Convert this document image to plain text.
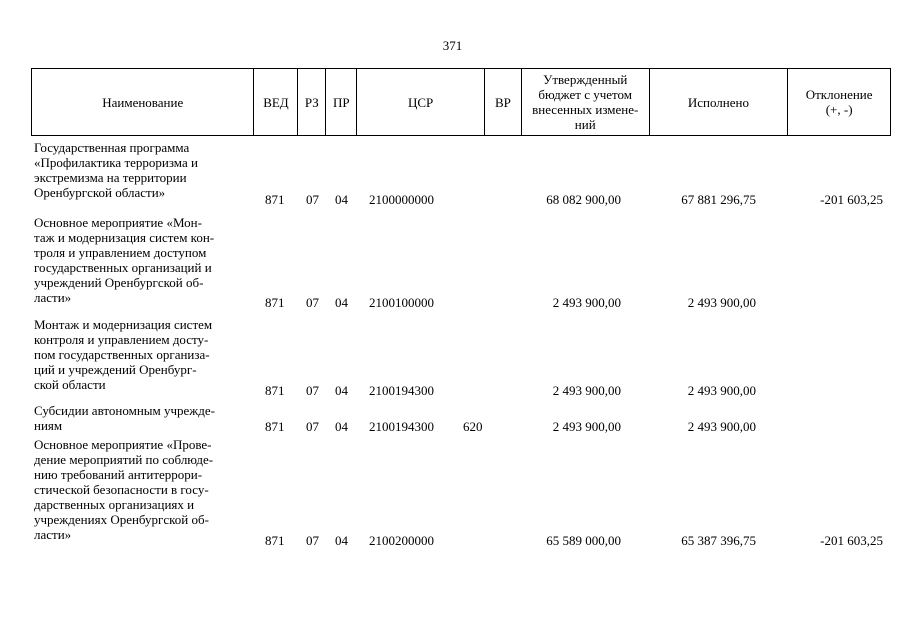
371
Наименование	ВЕД РЗ ПР	ЦСР	ВР
Утвержденный
бюджет с учетом
внесенных измене-
ний
Исполнено	Отклонение
(+, -)
Государственная программа
«Профилактика терроризма и
экстремизма на территории
Оренбургской области»	871 07 04 2100000000	68 082 900,00	67 881 296,75	-201 603,25
Основное мероприятие «Мон-
таж и модернизация систем кон-
троля и управлением доступом
государственных организаций и
учреждений Оренбургской об-
ласти»	871 07 04 2100100000	2 493 900,00	2 493 900,00
Монтаж и модернизация систем
контроля и управлением досту-
пом государственных организа-
ций и учреждений Оренбург-
ской области	871 07 04 2100194300	2 493 900,00	2 493 900,00
Субсидии автономным учрежде-
ниям	871 07 04 2100194300 620	2 493 900,00	2 493 900,00
Основное мероприятие «Прове-
дение мероприятий по соблюде-
нию требований антитеррори-
стической безопасности в госу-
дарственных организациях и
учреждениях Оренбургской об-
ласти»	871 07 04 2100200000	65 589 000,00	65 387 396,75	-201 603,25
